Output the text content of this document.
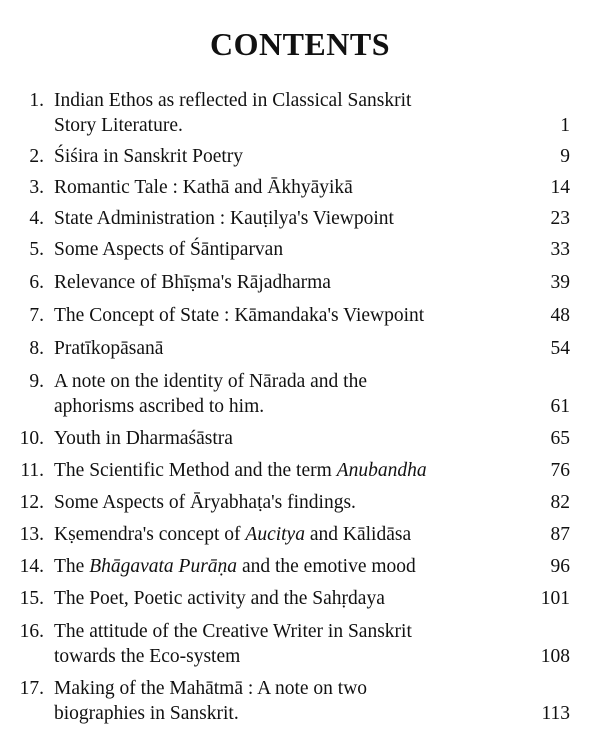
CONTENTS
1. Indian Ethos as reflected in Classical Sanskrit
Story Literature.	1
2. Śiśira in Sanskrit Poetry	9
3. Romantic Tale : Kathā and Ākhyāyikā	14
4. State Administration : Kauṭilya's Viewpoint	23
5. Some Aspects of Śāntiparvan	33
6. Relevance of Bhīṣma's Rājadharma	39
7. The Concept of State : Kāmandaka's Viewpoint	48
8. Pratīkopāsanā	54
9. A note on the identity of Nārada and the
aphorisms ascribed to him.	61
10. Youth in Dharmaśāstra	65
11. The Scientific Method and the term Anubandha	76
12. Some Aspects of Āryabhaṭa's findings.	82
13. Kṣemendra's concept of Aucitya and Kālidāsa	87
14. The Bhāgavata Purāṇa and the emotive mood	96
15. The Poet, Poetic activity and the Sahṛdaya	101
16. The attitude of the Creative Writer in Sanskrit
towards the Eco-system	108
17. Making of the Mahātmā : A note on two
biographies in Sanskrit.	113
